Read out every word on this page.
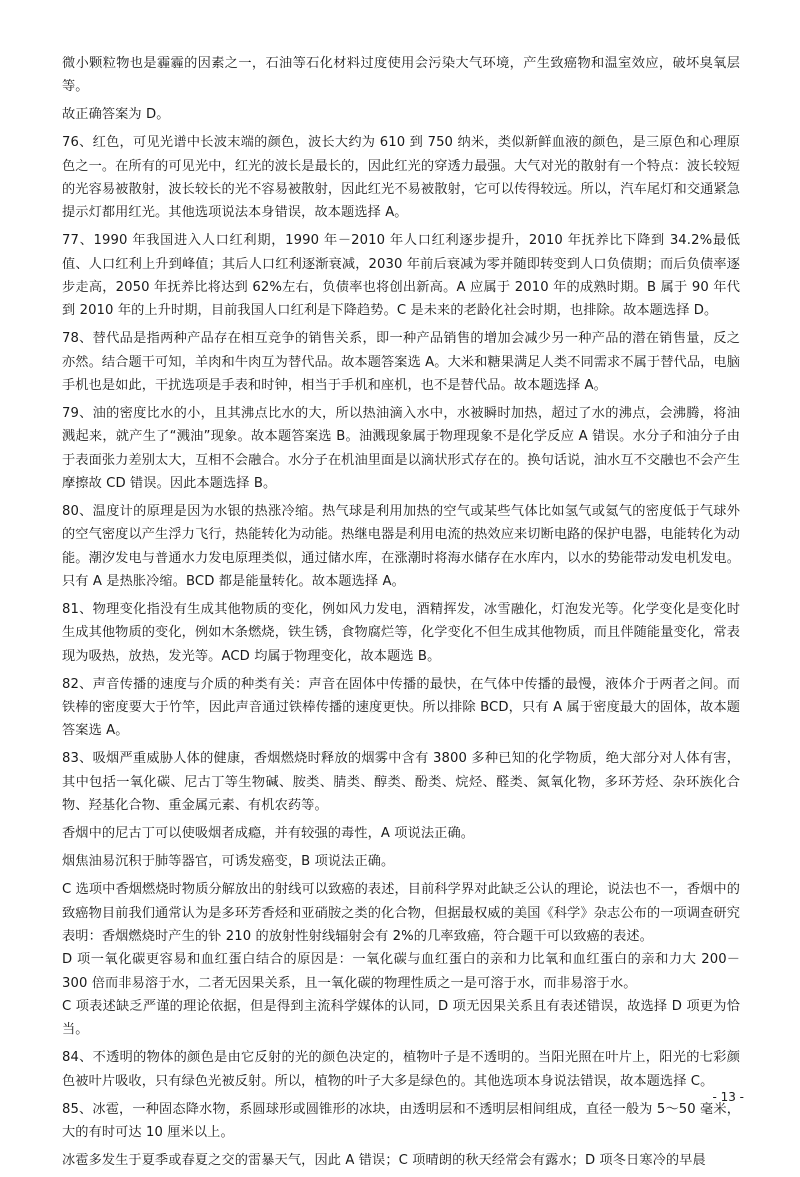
微小颗粒物也是霾霾的因素之一，石油等石化材料过度使用会污染大气环境，产生致癌物和温室效应，破坏臭氧层等。

故正确答案为 D。

76、红色，可见光谱中长波末端的颜色，波长大约为 610 到 750 纳米，类似新鲜血液的颜色，是三原色和心理原色之一。在所有的可见光中，红光的波长是最长的，因此红光的穿透力最强。大气对光的散射有一个特点：波长较短的光容易被散射，波长较长的光不容易被散射，因此红光不易被散射，它可以传得较远。所以，汽车尾灯和交通紧急提示灯都用红光。其他选项说法本身错误，故本题选择 A。

77、1990 年我国进入人口红利期，1990 年－2010 年人口红利逐步提升，2010 年抚养比下降到 34.2%最低值、人口红利上升到峰值；其后人口红利逐渐衰减，2030 年前后衰减为零并随即转变到人口负债期；而后负债率逐步走高，2050 年抚养比将达到 62%左右，负债率也将创出新高。A 应属于 2010 年的成熟时期。B 属于 90 年代到 2010 年的上升时期，目前我国人口红利是下降趋势。C 是未来的老龄化社会时期，也排除。故本题选择 D。

78、替代品是指两种产品存在相互竞争的销售关系，即一种产品销售的增加会减少另一种产品的潜在销售量，反之亦然。结合题干可知，羊肉和牛肉互为替代品。故本题答案选 A。大米和糖果满足人类不同需求不属于替代品，电脑手机也是如此，干扰选项是手表和时钟，相当于手机和座机，也不是替代品。故本题选择 A。

79、油的密度比水的小，且其沸点比水的大，所以热油滴入水中，水被瞬时加热，超过了水的沸点，会沸腾，将油溅起来，就产生了“溅油”现象。故本题答案选 B。油溅现象属于物理现象不是化学反应 A 错误。水分子和油分子由于表面张力差别太大，互相不会融合。水分子在机油里面是以滴状形式存在的。换句话说，油水互不交融也不会产生摩擦故 CD 错误。因此本题选择 B。

80、温度计的原理是因为水银的热涨冷缩。热气球是利用加热的空气或某些气体比如氢气或氦气的密度低于气球外的空气密度以产生浮力飞行，热能转化为动能。热继电器是利用电流的热效应来切断电路的保护电器，电能转化为动能。潮汐发电与普通水力发电原理类似，通过储水库，在涨潮时将海水储存在水库内，以水的势能带动发电机发电。只有 A 是热胀冷缩。BCD 都是能量转化。故本题选择 A。

81、物理变化指没有生成其他物质的变化，例如风力发电，酒精挥发，冰雪融化，灯泡发光等。化学变化是变化时生成其他物质的变化，例如木条燃烧，铁生锈，食物腐烂等，化学变化不但生成其他物质，而且伴随能量变化，常表现为吸热，放热，发光等。ACD 均属于物理变化，故本题选 B。

82、声音传播的速度与介质的种类有关：声音在固体中传播的最快，在气体中传播的最慢，液体介于两者之间。而铁棒的密度要大于竹竿，因此声音通过铁棒传播的速度更快。所以排除 BCD，只有 A 属于密度最大的固体，故本题答案选 A。

83、吸烟严重威胁人体的健康，香烟燃烧时释放的烟雾中含有 3800 多种已知的化学物质，绝大部分对人体有害，其中包括一氧化碳、尼古丁等生物碱、胺类、腈类、醇类、酚类、烷烃、醛类、氮氧化物，多环芳烃、杂环族化合物、羟基化合物、重金属元素、有机农药等。

香烟中的尼古丁可以使吸烟者成瘾，并有较强的毒性，A 项说法正确。

烟焦油易沉积于肺等器官，可诱发癌变，B 项说法正确。

C 选项中香烟燃烧时物质分解放出的射线可以致癌的表述，目前科学界对此缺乏公认的理论，说法也不一，香烟中的致癌物目前我们通常认为是多环芳香烃和亚硝胺之类的化合物，但据最权威的美国《科学》杂志公布的一项调查研究表明：香烟燃烧时产生的钋 210 的放射性射线辐射会有 2%的几率致癌，符合题干可以致癌的表述。

D 项一氧化碳更容易和血红蛋白结合的原因是：一氧化碳与血红蛋白的亲和力比氧和血红蛋白的亲和力大 200－300 倍而非易溶于水，二者无因果关系，且一氧化碳的物理性质之一是可溶于水，而非易溶于水。

C 项表述缺乏严谨的理论依据，但是得到主流科学媒体的认同，D 项无因果关系且有表述错误，故选择 D 项更为恰当。

84、不透明的物体的颜色是由它反射的光的颜色决定的，植物叶子是不透明的。当阳光照在叶片上，阳光的七彩颜色被叶片吸收，只有绿色光被反射。所以，植物的叶子大多是绿色的。其他选项本身说法错误，故本题选择 C。

85、冰雹，一种固态降水物，系圆球形或圆锥形的冰块，由透明层和不透明层相间组成，直径一般为 5～50 毫米，大的有时可达 10 厘米以上。

冰雹多发生于夏季或春夏之交的雷暴天气，因此 A 错误；C 项晴朗的秋天经常会有露水；D 项冬日寒冷的早晨

- 13 -
